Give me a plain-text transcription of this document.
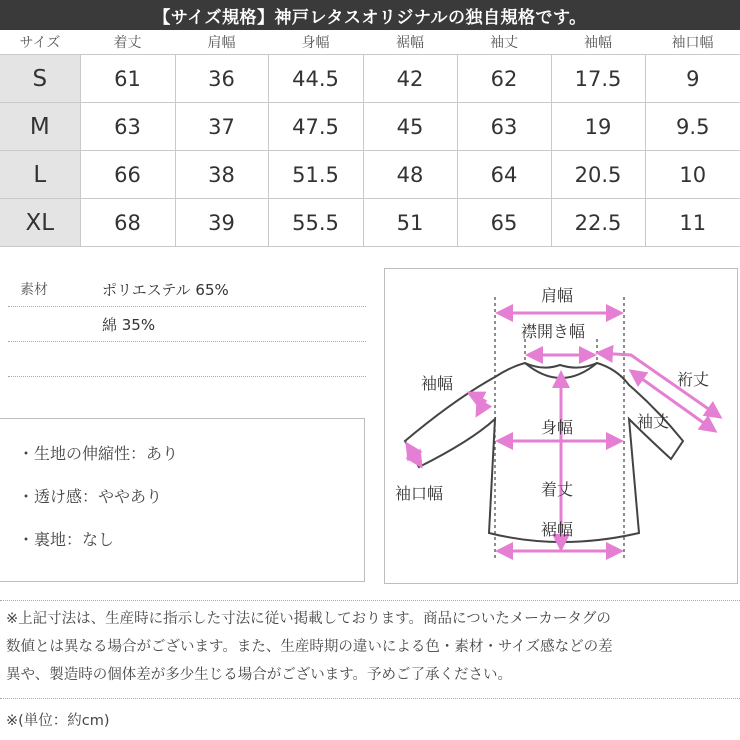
【サイズ規格】神戸レタスオリジナルの独自規格です。
サイズ	着丈	肩幅	身幅	裾幅	袖丈	袖幅	袖口幅
S	61	36	44.5	42	62	17.5	9
M	63	37	47.5	45	63	19	9.5
L	66	38	51.5	48	64	20.5	10
XL	68	39	55.5	51	65	22.5	11
素材	ポリエステル 65%
綿 35%
・生地の伸縮性：あり
・透け感：ややあり
・裏地：なし
肩幅
襟開き幅
袖幅	裄丈
袖丈
身幅
袖口幅	着丈
裾幅
※上記寸法は、生産時に指示した寸法に従い掲載しております。商品についたメーカータグの
数値とは異なる場合がございます。また、生産時期の違いによる色・素材・サイズ感などの差
異や、製造時の個体差が多少生じる場合がございます。予めご了承ください。
※(単位：約cm)
